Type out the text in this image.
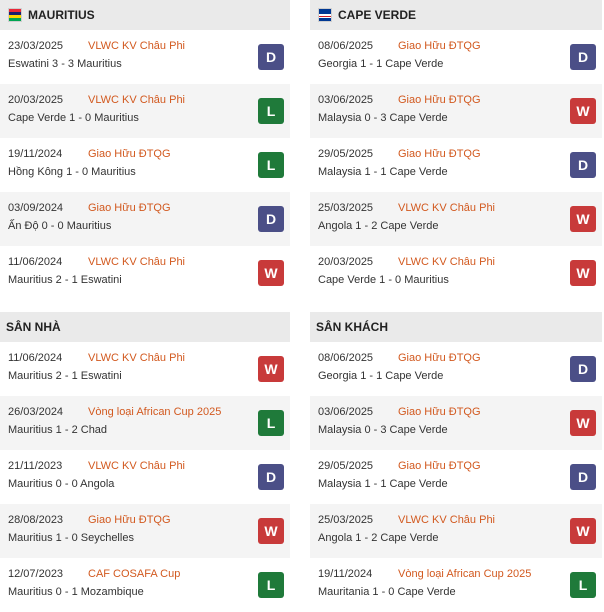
MAURITIUS
23/03/2025 VLWC KV Châu Phi
Eswatini 3 - 3 Mauritius	D
20/03/2025 VLWC KV Châu Phi
Cape Verde 1 - 0 Mauritius	L
19/11/2024 Giao Hữu ĐTQG
Hồng Kông 1 - 0 Mauritius	L
03/09/2024 Giao Hữu ĐTQG
Ấn Độ 0 - 0 Mauritius	D
11/06/2024 VLWC KV Châu Phi
Mauritius 2 - 1 Eswatini	W
SÂN NHÀ
11/06/2024 VLWC KV Châu Phi
Mauritius 2 - 1 Eswatini	W
26/03/2024 Vòng loại African Cup 2025
Mauritius 1 - 2 Chad	L
21/11/2023 VLWC KV Châu Phi
Mauritius 0 - 0 Angola	D
28/08/2023 Giao Hữu ĐTQG
Mauritius 1 - 0 Seychelles	W
12/07/2023 CAF COSAFA Cup
Mauritius 0 - 1 Mozambique	L
CAPE VERDE
08/06/2025 Giao Hữu ĐTQG
Georgia 1 - 1 Cape Verde	D
03/06/2025 Giao Hữu ĐTQG
Malaysia 0 - 3 Cape Verde	W
29/05/2025 Giao Hữu ĐTQG
Malaysia 1 - 1 Cape Verde	D
25/03/2025 VLWC KV Châu Phi
Angola 1 - 2 Cape Verde	W
20/03/2025 VLWC KV Châu Phi
Cape Verde 1 - 0 Mauritius	W
SÂN KHÁCH
08/06/2025 Giao Hữu ĐTQG
Georgia 1 - 1 Cape Verde	D
03/06/2025 Giao Hữu ĐTQG
Malaysia 0 - 3 Cape Verde	W
29/05/2025 Giao Hữu ĐTQG
Malaysia 1 - 1 Cape Verde	D
25/03/2025 VLWC KV Châu Phi
Angola 1 - 2 Cape Verde	W
19/11/2024 Vòng loại African Cup 2025
Mauritania 1 - 0 Cape Verde	L
